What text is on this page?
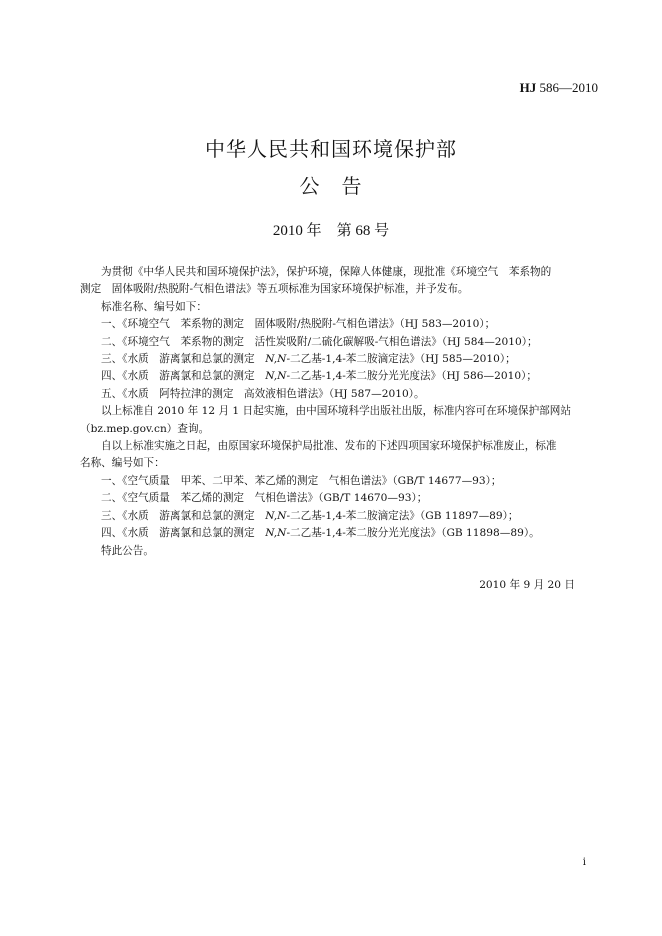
HJ 586—2010
中华人民共和国环境保护部
公　告
2010 年　第 68 号

为贯彻《中华人民共和国环境保护法》，保护环境，保障人体健康，现批准《环境空气　苯系物的

测定　固体吸附/热脱附-气相色谱法》等五项标准为国家环境保护标准，并予发布。

标准名称、编号如下：

一、《环境空气　苯系物的测定　固体吸附/热脱附-气相色谱法》（HJ 583—2010）；

二、《环境空气　苯系物的测定　活性炭吸附/二硫化碳解吸-气相色谱法》（HJ 584—2010）；

三、《水质　游离氯和总氯的测定　N,N-二乙基-1,4-苯二胺滴定法》（HJ 585—2010）；

四、《水质　游离氯和总氯的测定　N,N-二乙基-1,4-苯二胺分光光度法》（HJ 586—2010）；

五、《水质　阿特拉津的测定　高效液相色谱法》（HJ 587—2010）。

以上标准自 2010 年 12 月 1 日起实施，由中国环境科学出版社出版，标准内容可在环境保护部网站

（bz.mep.gov.cn）查询。

自以上标准实施之日起，由原国家环境保护局批准、发布的下述四项国家环境保护标准废止，标准

名称、编号如下：

一、《空气质量　甲苯、二甲苯、苯乙烯的测定　气相色谱法》（GB/T 14677—93）；

二、《空气质量　苯乙烯的测定　气相色谱法》（GB/T 14670—93）；

三、《水质　游离氯和总氯的测定　N,N-二乙基-1,4-苯二胺滴定法》（GB 11897—89）；

四、《水质　游离氯和总氯的测定　N,N-二乙基-1,4-苯二胺分光光度法》（GB 11898—89）。

特此公告。

2010 年 9 月 20 日
i
